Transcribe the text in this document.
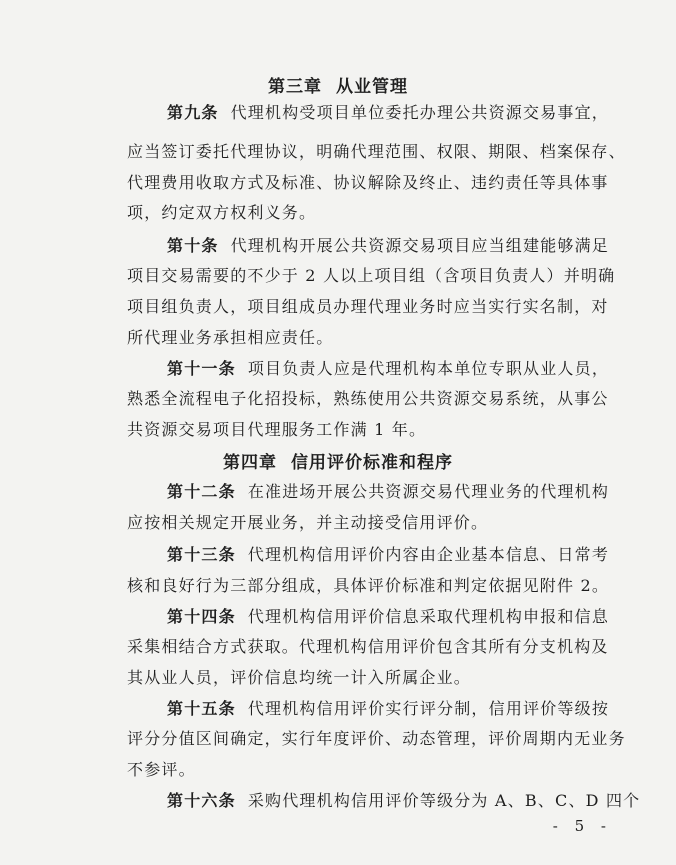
第三章 从业管理
第九条 代理机构受项目单位委托办理公共资源交易事宜，
应当签订委托代理协议，明确代理范围、权限、期限、档案保存、
代理费用收取方式及标准、协议解除及终止、违约责任等具体事
项，约定双方权利义务。
第十条 代理机构开展公共资源交易项目应当组建能够满足
项目交易需要的不少于 2 人以上项目组（含项目负责人）并明确
项目组负责人，项目组成员办理代理业务时应当实行实名制，对
所代理业务承担相应责任。
第十一条 项目负责人应是代理机构本单位专职从业人员，
熟悉全流程电子化招投标，熟练使用公共资源交易系统，从事公
共资源交易项目代理服务工作满 1 年。
第四章 信用评价标准和程序
第十二条 在准进场开展公共资源交易代理业务的代理机构
应按相关规定开展业务，并主动接受信用评价。
第十三条 代理机构信用评价内容由企业基本信息、日常考
核和良好行为三部分组成，具体评价标准和判定依据见附件 2。
第十四条 代理机构信用评价信息采取代理机构申报和信息
采集相结合方式获取。代理机构信用评价包含其所有分支机构及
其从业人员，评价信息均统一计入所属企业。
第十五条 代理机构信用评价实行评分制，信用评价等级按
评分分值区间确定，实行年度评价、动态管理，评价周期内无业务
不参评。
第十六条 采购代理机构信用评价等级分为 A、B、C、D 四个
- 5 -
